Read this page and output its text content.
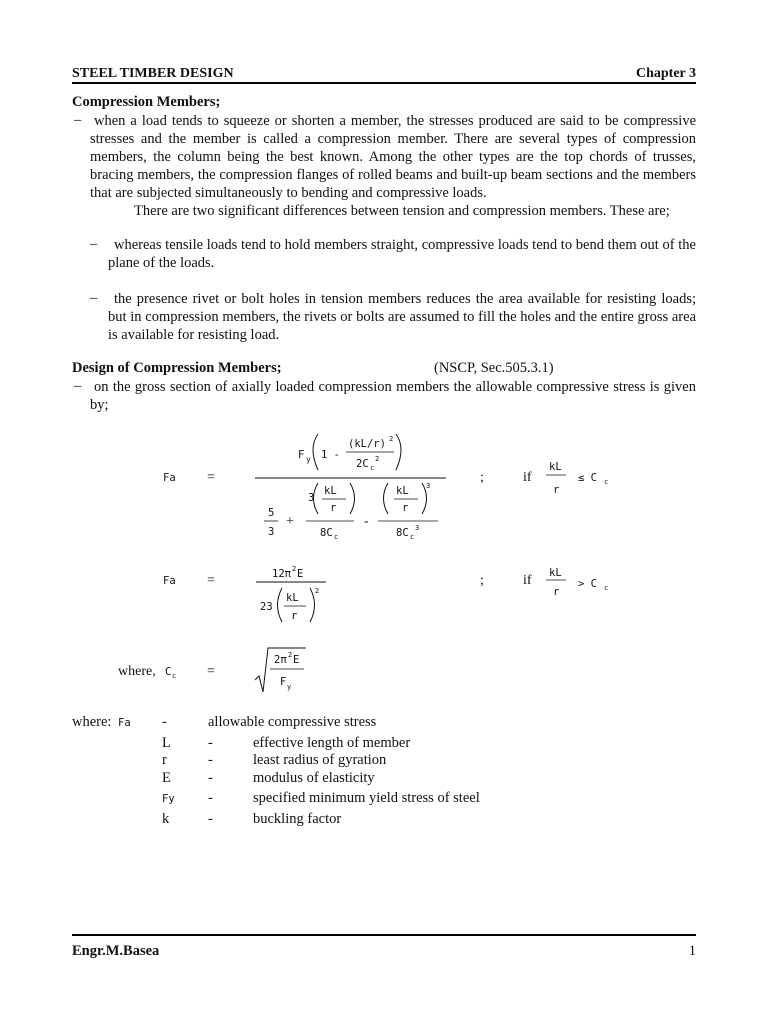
STEEL TIMBER DESIGN	Chapter 3
Compression Members;
– when a load tends to squeeze or shorten a member, the stresses produced are said to be compressive stresses and the member is called a compression member. There are several types of compression members, the column being the best known. Among the other types are the top chords of trusses, bracing members, the compression flanges of rolled beams and built-up beam sections and the members that are subjected simultaneously to bending and compressive loads.
There are two significant differences between tension and compression members. These are;
–	whereas tensile loads tend to hold members straight, compressive loads tend to bend them out of the plane of the loads.
–	the presence rivet or bolt holes in tension members reduces the area available for resisting loads; but in compression members, the rivets or bolts are assumed to fill the holes and the entire gross area is available for resisting load.
Design of Compression Members;	(NSCP, Sec.505.3.1)
– on the gross section of axially loaded compression members the allowable compressive stress is given by;
Fa =
F y 1 -
(kL/r) 2
2C c
2
5
3
+
3
kL
r
8C c
-
kL
r
3
8C c
3
;	if
kL
r
≤ C c
Fa =	12π 2 E
23
kL
r
2
;	if kL
r
> C c
where, C c =
2π 2 E
F y
where: Fa -	allowable compressive stress
L	-	effective length of member
r	-	least radius of gyration
E	-	modulus of elasticity
Fy -	specified minimum yield stress of steel
k	-	buckling factor
Engr.M.Basea	1
